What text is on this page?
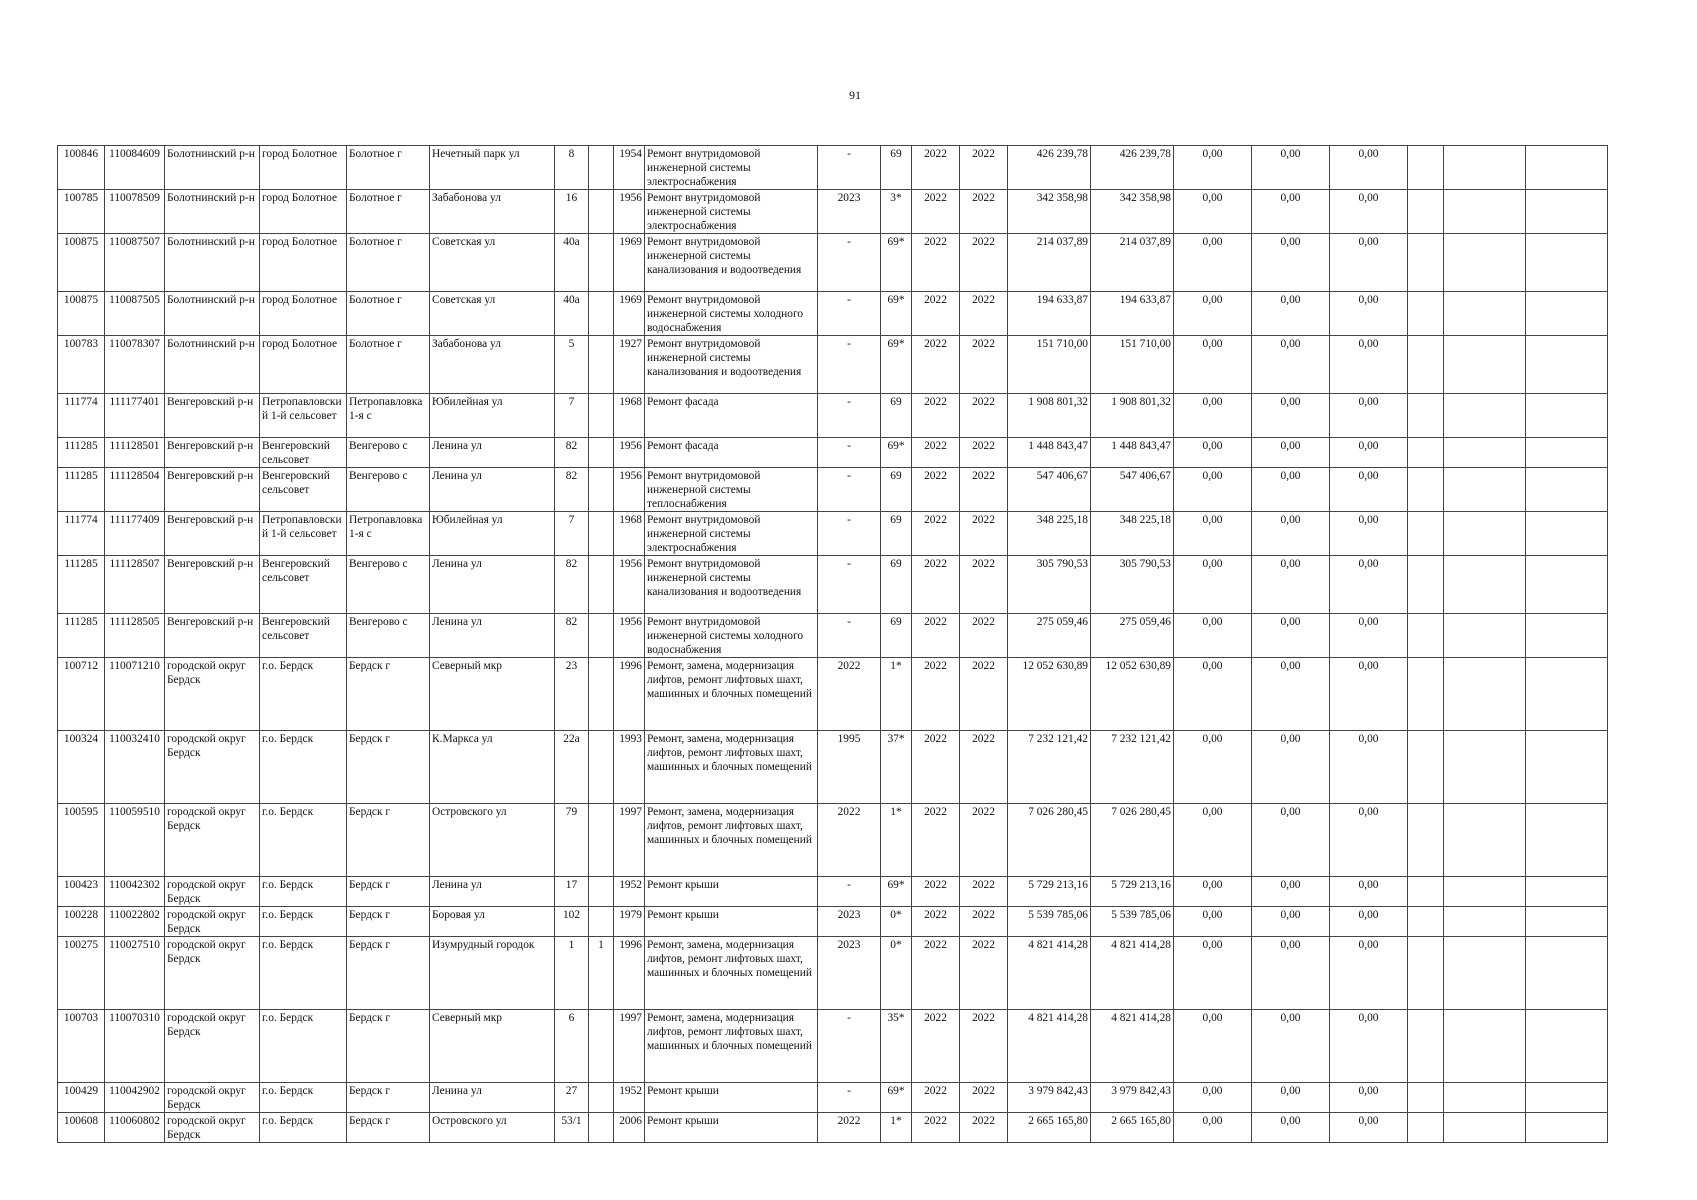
91
100846	110084609	Болотнинский р-н	город Болотное	Болотное г	Нечетный парк ул	8		1954	Ремонт внутридомовой инженерной системы электроснабжения	-	69	2022	2022	426 239,78	426 239,78	0,00	0,00	0,00			
100785	110078509	Болотнинский р-н	город Болотное	Болотное г	Забабонова ул	16		1956	Ремонт внутридомовой инженерной системы электроснабжения	2023	3*	2022	2022	342 358,98	342 358,98	0,00	0,00	0,00			
100875	110087507	Болотнинский р-н	город Болотное	Болотное г	Советская ул	40а		1969	Ремонт внутридомовой инженерной системы канализования и водоотведения	-	69*	2022	2022	214 037,89	214 037,89	0,00	0,00	0,00			
100875	110087505	Болотнинский р-н	город Болотное	Болотное г	Советская ул	40а		1969	Ремонт внутридомовой инженерной системы холодного водоснабжения	-	69*	2022	2022	194 633,87	194 633,87	0,00	0,00	0,00			
100783	110078307	Болотнинский р-н	город Болотное	Болотное г	Забабонова ул	5		1927	Ремонт внутридомовой инженерной системы канализования и водоотведения	-	69*	2022	2022	151 710,00	151 710,00	0,00	0,00	0,00			
111774	111177401	Венгеровский р-н	Петропавловский 1-й сельсовет	Петропавловка 1-я с	Юбилейная ул	7		1968	Ремонт фасада	-	69	2022	2022	1 908 801,32	1 908 801,32	0,00	0,00	0,00			
111285	111128501	Венгеровский р-н	Венгеровский сельсовет	Венгерово с	Ленина ул	82		1956	Ремонт фасада	-	69*	2022	2022	1 448 843,47	1 448 843,47	0,00	0,00	0,00			
111285	111128504	Венгеровский р-н	Венгеровский сельсовет	Венгерово с	Ленина ул	82		1956	Ремонт внутридомовой инженерной системы теплоснабжения	-	69	2022	2022	547 406,67	547 406,67	0,00	0,00	0,00			
111774	111177409	Венгеровский р-н	Петропавловский 1-й сельсовет	Петропавловка 1-я с	Юбилейная ул	7		1968	Ремонт внутридомовой инженерной системы электроснабжения	-	69	2022	2022	348 225,18	348 225,18	0,00	0,00	0,00			
111285	111128507	Венгеровский р-н	Венгеровский сельсовет	Венгерово с	Ленина ул	82		1956	Ремонт внутридомовой инженерной системы канализования и водоотведения	-	69	2022	2022	305 790,53	305 790,53	0,00	0,00	0,00			
111285	111128505	Венгеровский р-н	Венгеровский сельсовет	Венгерово с	Ленина ул	82		1956	Ремонт внутридомовой инженерной системы холодного водоснабжения	-	69	2022	2022	275 059,46	275 059,46	0,00	0,00	0,00			
100712	110071210	городской округ Бердск	г.о. Бердск	Бердск г	Северный мкр	23		1996	Ремонт, замена, модернизация лифтов, ремонт лифтовых шахт, машинных и блочных помещений	2022	1*	2022	2022	12 052 630,89	12 052 630,89	0,00	0,00	0,00			
100324	110032410	городской округ Бердск	г.о. Бердск	Бердск г	К.Маркса ул	22а		1993	Ремонт, замена, модернизация лифтов, ремонт лифтовых шахт, машинных и блочных помещений	1995	37*	2022	2022	7 232 121,42	7 232 121,42	0,00	0,00	0,00			
100595	110059510	городской округ Бердск	г.о. Бердск	Бердск г	Островского ул	79		1997	Ремонт, замена, модернизация лифтов, ремонт лифтовых шахт, машинных и блочных помещений	2022	1*	2022	2022	7 026 280,45	7 026 280,45	0,00	0,00	0,00			
100423	110042302	городской округ Бердск	г.о. Бердск	Бердск г	Ленина ул	17		1952	Ремонт крыши	-	69*	2022	2022	5 729 213,16	5 729 213,16	0,00	0,00	0,00			
100228	110022802	городской округ Бердск	г.о. Бердск	Бердск г	Боровая ул	102		1979	Ремонт крыши	2023	0*	2022	2022	5 539 785,06	5 539 785,06	0,00	0,00	0,00			
100275	110027510	городской округ Бердск	г.о. Бердск	Бердск г	Изумрудный городок	1	1	1996	Ремонт, замена, модернизация лифтов, ремонт лифтовых шахт, машинных и блочных помещений	2023	0*	2022	2022	4 821 414,28	4 821 414,28	0,00	0,00	0,00			
100703	110070310	городской округ Бердск	г.о. Бердск	Бердск г	Северный мкр	6		1997	Ремонт, замена, модернизация лифтов, ремонт лифтовых шахт, машинных и блочных помещений	-	35*	2022	2022	4 821 414,28	4 821 414,28	0,00	0,00	0,00			
100429	110042902	городской округ Бердск	г.о. Бердск	Бердск г	Ленина ул	27		1952	Ремонт крыши	-	69*	2022	2022	3 979 842,43	3 979 842,43	0,00	0,00	0,00			
100608	110060802	городской округ Бердск	г.о. Бердск	Бердск г	Островского ул	53/1		2006	Ремонт крыши	2022	1*	2022	2022	2 665 165,80	2 665 165,80	0,00	0,00	0,00			
